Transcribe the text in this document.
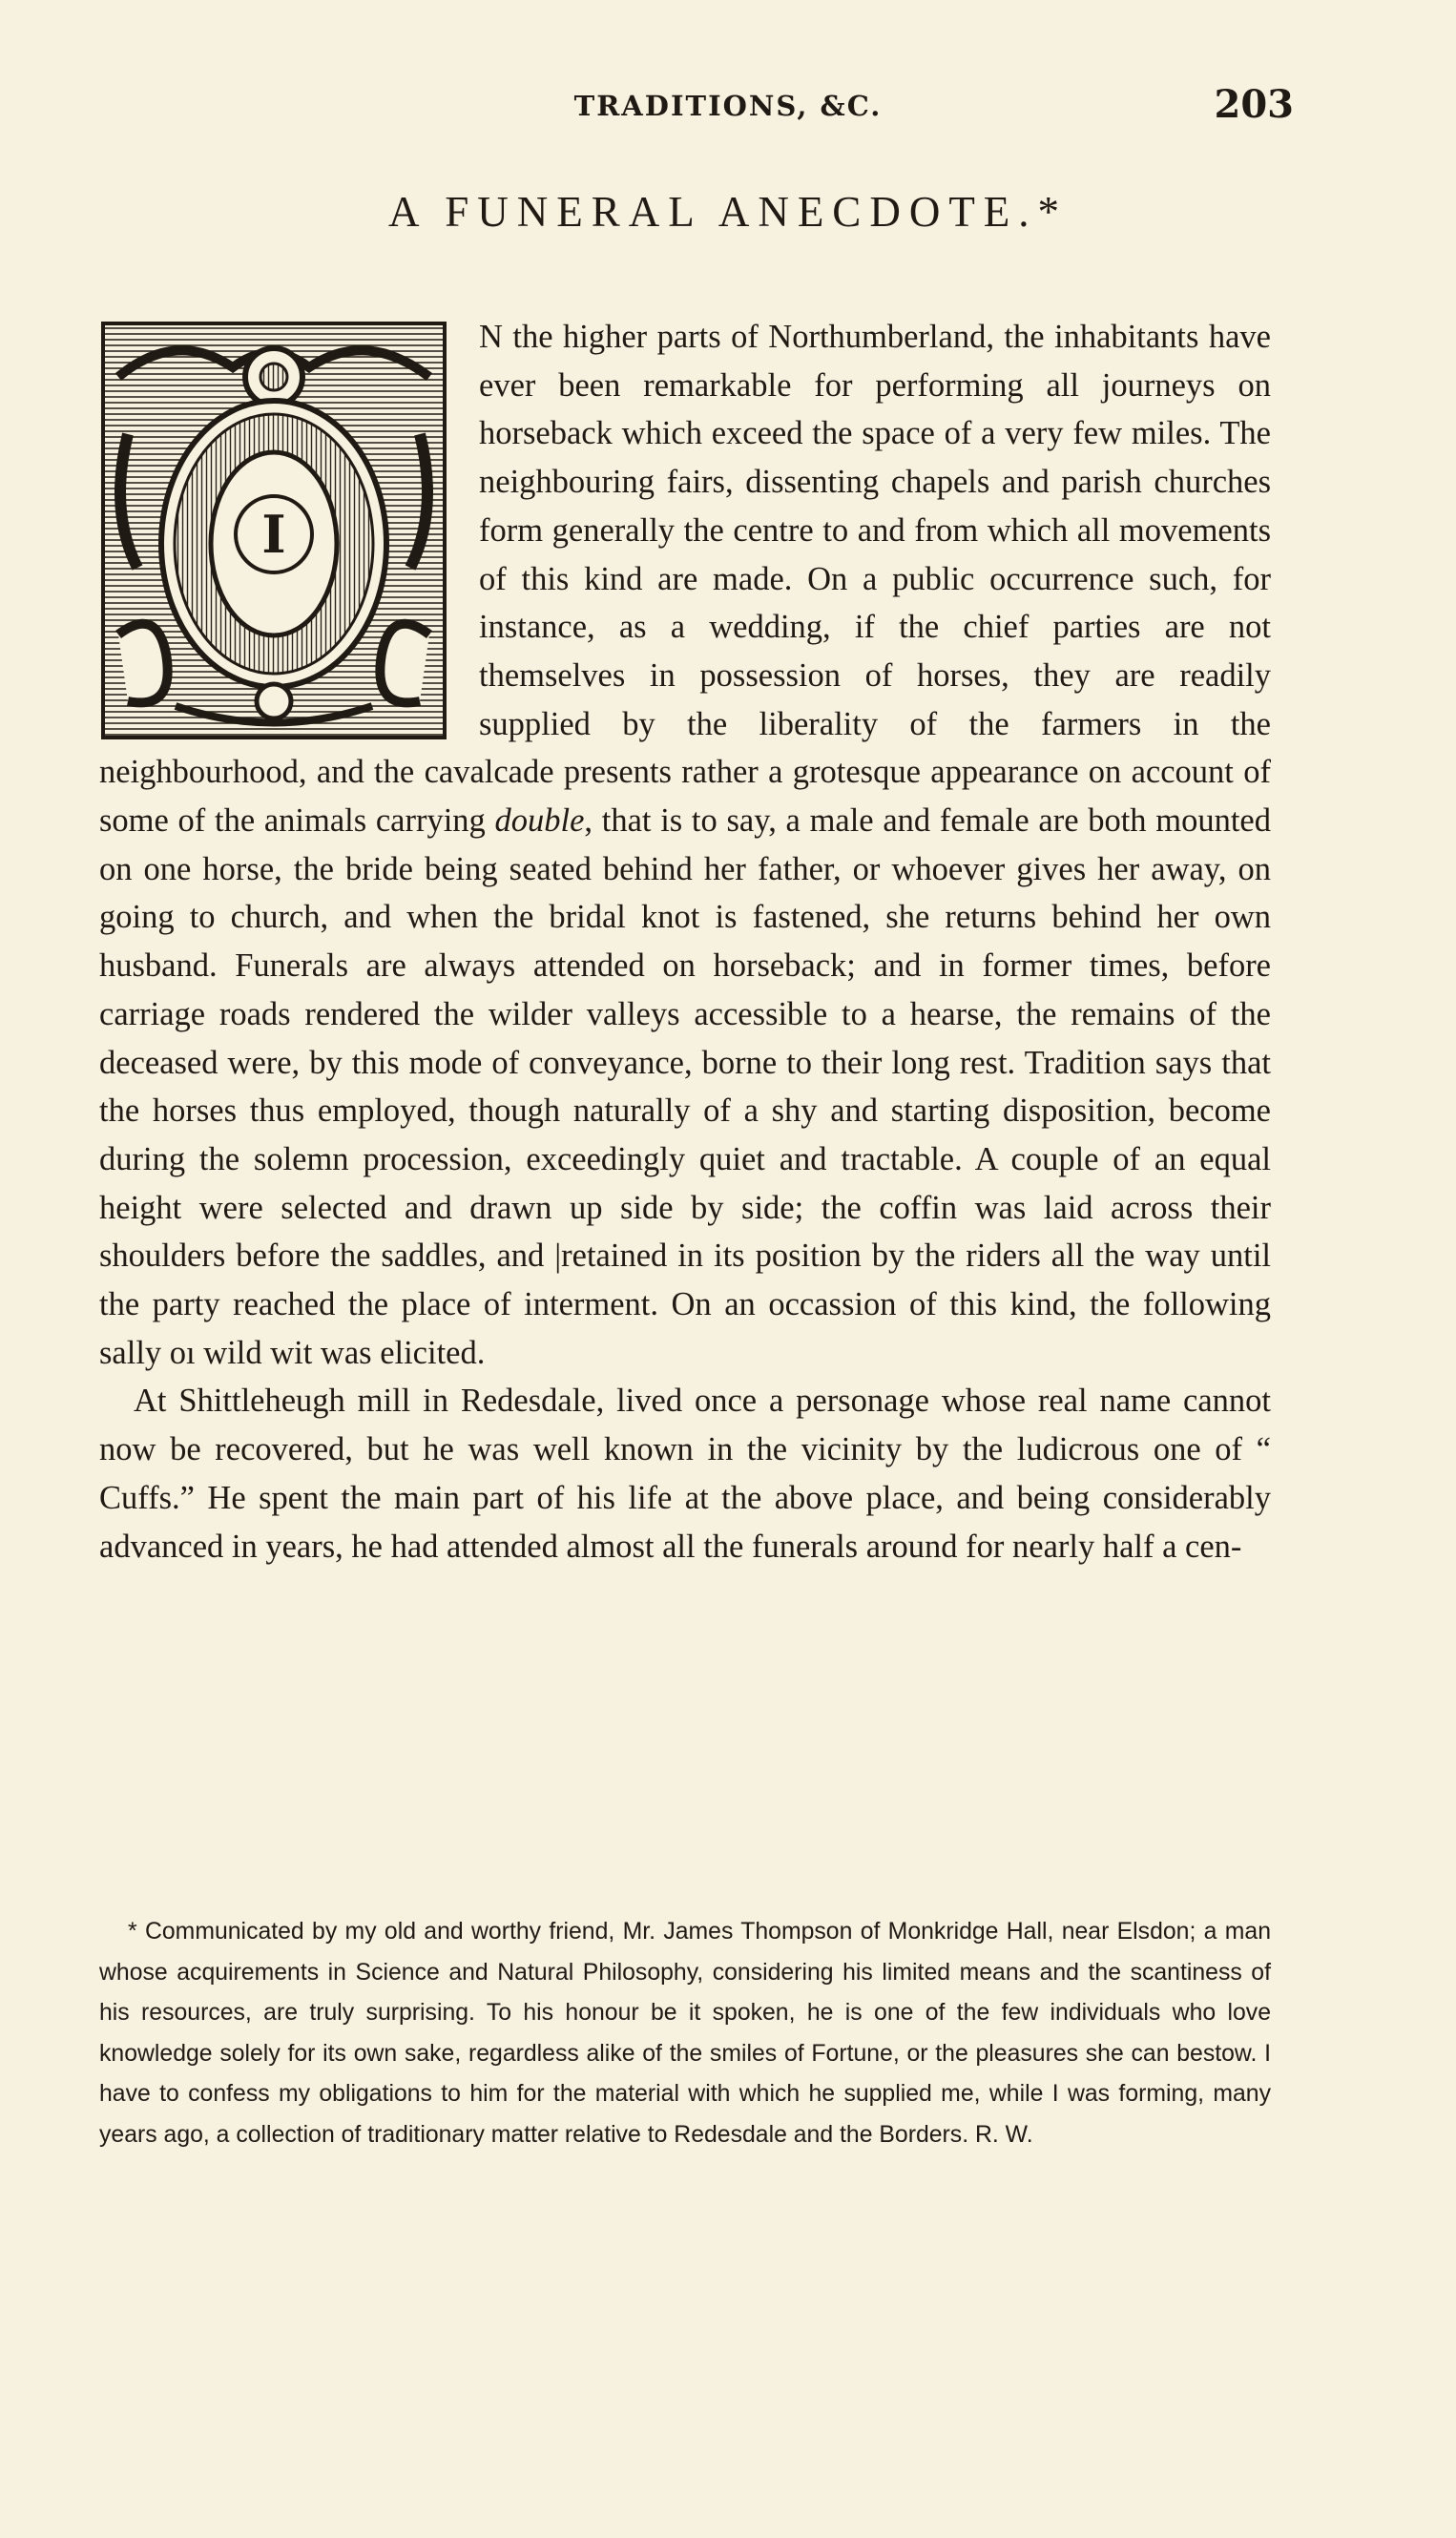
TRADITIONS, &C.	203
A FUNERAL ANECDOTE.*
I

N the higher parts of Northumberland, the inhabitants have ever been remarkable for performing all journeys on horseback which exceed the space of a very few miles. The neighbouring fairs, dissenting chapels and parish churches form generally the centre to and from which all movements of this kind are made. On a public occurrence such, for instance, as a wedding, if the chief parties are not themselves in possession of horses, they are readily supplied by the liberality of the farmers in the neighbourhood, and the cavalcade presents rather a grotesque appearance on account of some of the animals carrying double, that is to say, a male and female are both mounted on one horse, the bride being seated behind her father, or whoever gives her away, on going to church, and when the bridal knot is fastened, she returns behind her own husband. Funerals are always attended on horseback; and in former times, before carriage roads rendered the wilder valleys accessible to a hearse, the remains of the deceased were, by this mode of conveyance, borne to their long rest. Tradition says that the horses thus employed, though naturally of a shy and starting disposition, become during the solemn procession, exceedingly quiet and tractable. A couple of an equal height were selected and drawn up side by side; the coffin was laid across their shoulders before the saddles, and |retained in its position by the riders all the way until the party reached the place of interment. On an occassion of this kind, the following sally oı wild wit was elicited.

At Shittleheugh mill in Redesdale, lived once a personage whose real name cannot now be recovered, but he was well known in the vicinity by the ludicrous one of “ Cuffs.” He spent the main part of his life at the above place, and being considerably advanced in years, he had attended almost all the funerals around for nearly half a cen-

* Communicated by my old and worthy friend, Mr. James Thompson of Monkridge Hall, near Elsdon; a man whose acquirements in Science and Natural Philosophy, considering his limited means and the scantiness of his resources, are truly surprising. To his honour be it spoken, he is one of the few individuals who love knowledge solely for its own sake, regardless alike of the smiles of Fortune, or the pleasures she can bestow. I have to confess my obligations to him for the material with which he supplied me, while I was forming, many years ago, a collection of traditionary matter relative to Redesdale and the Borders. R. W.
